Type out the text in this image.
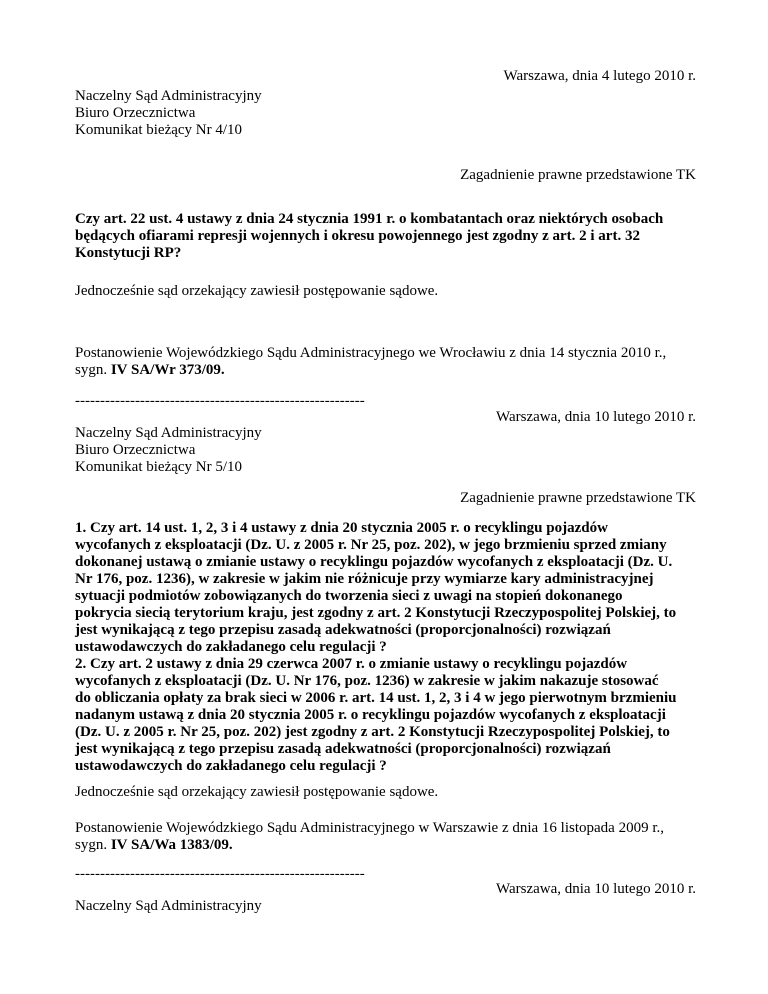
Warszawa, dnia 4 lutego 2010 r.
Naczelny Sąd Administracyjny
Biuro Orzecznictwa
Komunikat bieżący Nr 4/10
Zagadnienie prawne przedstawione TK
Czy art. 22 ust. 4 ustawy z dnia 24 stycznia 1991 r. o kombatantach oraz niektórych osobach
będących ofiarami represji wojennych i okresu powojennego jest zgodny z art. 2 i art. 32
Konstytucji RP?
Jednocześnie sąd orzekający zawiesił postępowanie sądowe.
Postanowienie Wojewódzkiego Sądu Administracyjnego we Wrocławiu z dnia 14 stycznia 2010 r.,
sygn. IV SA/Wr 373/09.
----------------------------------------------------------
Warszawa, dnia 10 lutego 2010 r.
Naczelny Sąd Administracyjny
Biuro Orzecznictwa
Komunikat bieżący Nr 5/10
Zagadnienie prawne przedstawione TK
1. Czy art. 14 ust. 1, 2, 3 i 4 ustawy z dnia 20 stycznia 2005 r. o recyklingu pojazdów
wycofanych z eksploatacji (Dz. U. z 2005 r. Nr 25, poz. 202), w jego brzmieniu sprzed zmiany
dokonanej ustawą o zmianie ustawy o recyklingu pojazdów wycofanych z eksploatacji (Dz. U.
Nr 176, poz. 1236), w zakresie w jakim nie różnicuje przy wymiarze kary administracyjnej
sytuacji podmiotów zobowiązanych do tworzenia sieci z uwagi na stopień dokonanego
pokrycia siecią terytorium kraju, jest zgodny z art. 2 Konstytucji Rzeczypospolitej Polskiej, to
jest wynikającą z tego przepisu zasadą adekwatności (proporcjonalności) rozwiązań
ustawodawczych do zakładanego celu regulacji ?
2. Czy art. 2 ustawy z dnia 29 czerwca 2007 r. o zmianie ustawy o recyklingu pojazdów
wycofanych z eksploatacji (Dz. U. Nr 176, poz. 1236) w zakresie w jakim nakazuje stosować
do obliczania opłaty za brak sieci w 2006 r. art. 14 ust. 1, 2, 3 i 4 w jego pierwotnym brzmieniu
nadanym ustawą z dnia 20 stycznia 2005 r. o recyklingu pojazdów wycofanych z eksploatacji
(Dz. U. z 2005 r. Nr 25, poz. 202) jest zgodny z art. 2 Konstytucji Rzeczypospolitej Polskiej, to
jest wynikającą z tego przepisu zasadą adekwatności (proporcjonalności) rozwiązań
ustawodawczych do zakładanego celu regulacji ?
Jednocześnie sąd orzekający zawiesił postępowanie sądowe.
Postanowienie Wojewódzkiego Sądu Administracyjnego w Warszawie z dnia 16 listopada 2009 r.,
sygn. IV SA/Wa 1383/09.
----------------------------------------------------------
Warszawa, dnia 10 lutego 2010 r.
Naczelny Sąd Administracyjny
